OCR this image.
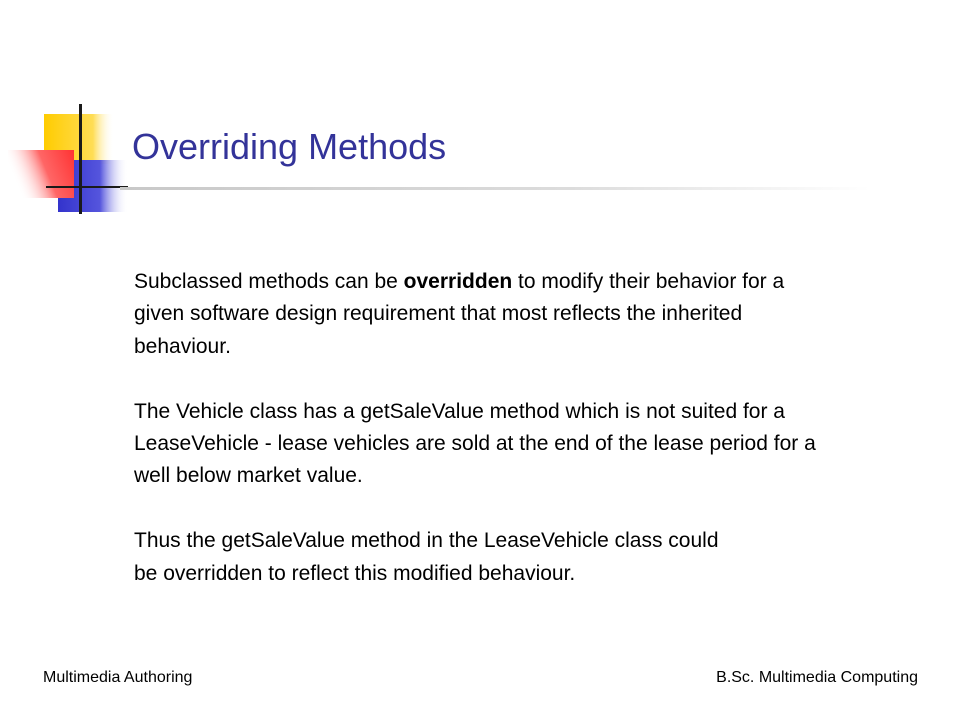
Overriding Methods

Subclassed methods can be overridden to modify their behavior for a
given software design requirement that most reflects the inherited
behaviour.

The Vehicle class has a getSaleValue method which is not suited for a
LeaseVehicle - lease vehicles are sold at the end of the lease period for a
well below market value.

Thus the getSaleValue method in the LeaseVehicle class could
be overridden to reflect this modified behaviour.

Multimedia Authoring	B.Sc. Multimedia Computing
